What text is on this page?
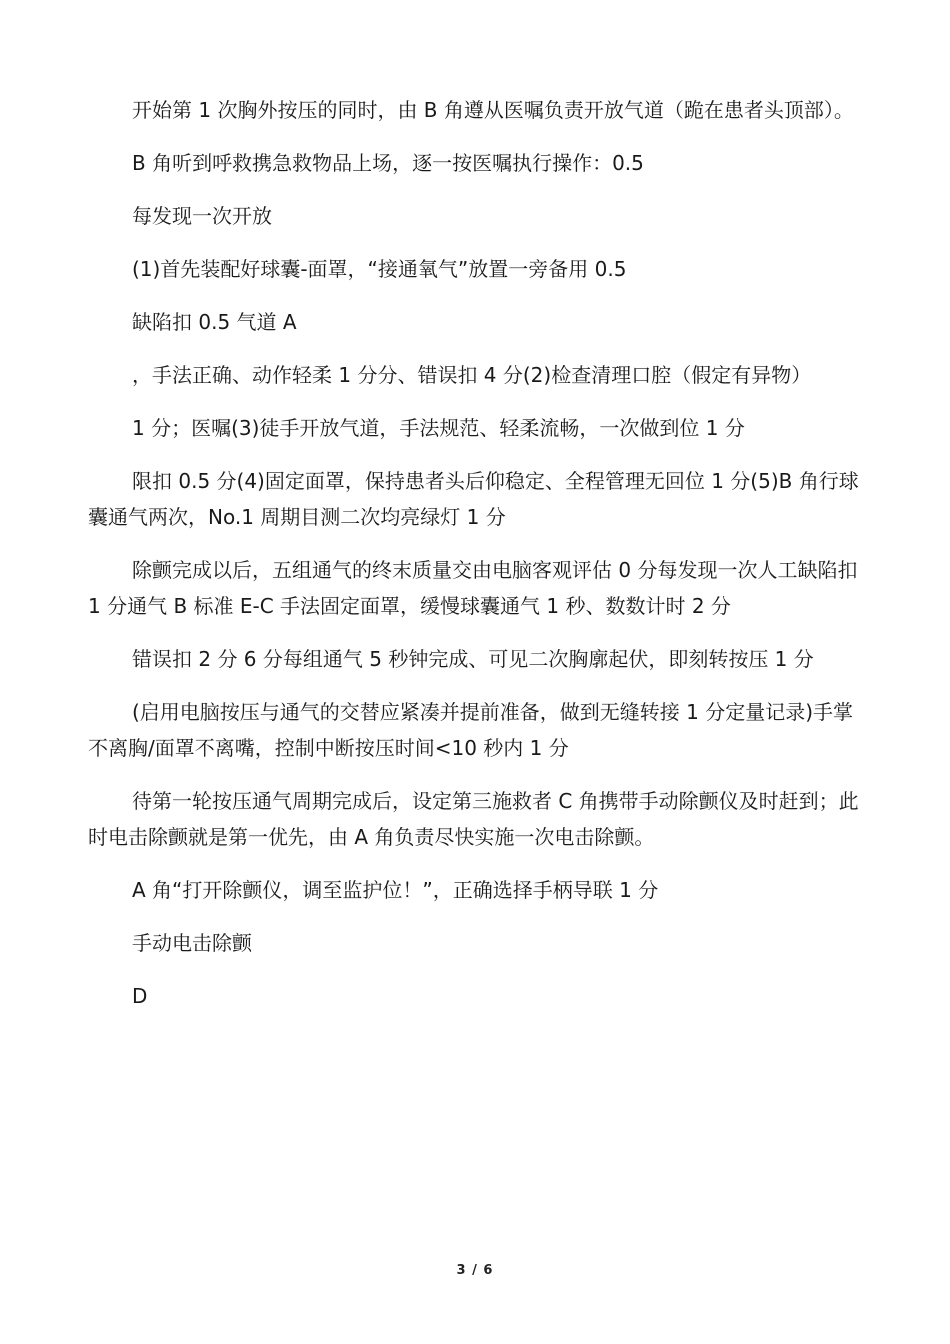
开始第 1 次胸外按压的同时，由 B 角遵从医嘱负责开放气道（跪在患者头顶部）。

B 角听到呼救携急救物品上场，逐一按医嘱执行操作：0.5

每发现一次开放

(1)首先装配好球囊-面罩，“接通氧气”放置一旁备用 0.5

缺陷扣 0.5 气道 A

，手法正确、动作轻柔 1 分分、错误扣 4 分(2)检查清理口腔（假定有异物）

1 分；医嘱(3)徒手开放气道，手法规范、轻柔流畅，一次做到位 1 分

限扣 0.5 分(4)固定面罩，保持患者头后仰稳定、全程管理无回位 1 分(5)B 角行球囊通气两次，No.1 周期目测二次均亮绿灯 1 分

除颤完成以后，五组通气的终末质量交由电脑客观评估 0 分每发现一次人工缺陷扣 1 分通气 B 标准 E-C 手法固定面罩，缓慢球囊通气 1 秒、数数计时 2 分

错误扣 2 分 6 分每组通气 5 秒钟完成、可见二次胸廓起伏，即刻转按压 1 分

(启用电脑按压与通气的交替应紧凑并提前准备，做到无缝转接 1 分定量记录)手掌不离胸/面罩不离嘴，控制中断按压时间<10 秒内 1 分

待第一轮按压通气周期完成后，设定第三施救者 C 角携带手动除颤仪及时赶到；此时电击除颤就是第一优先，由 A 角负责尽快实施一次电击除颤。

A 角“打开除颤仪，调至监护位！”，正确选择手柄导联 1 分

手动电击除颤

D

3 / 6
